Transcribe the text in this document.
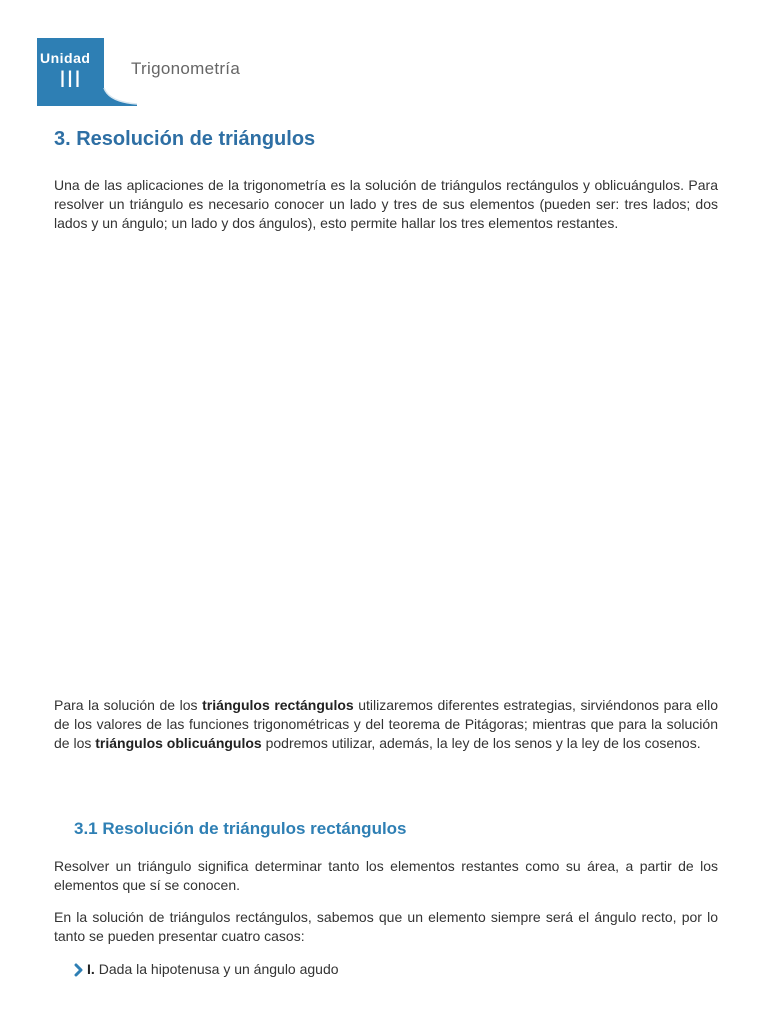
Unidad
III	Trigonometría
3. Resolución de triángulos

Una de las aplicaciones de la trigonometría es la solución de triángulos rectángulos y oblicuángulos. Para resolver un triángulo es necesario conocer un lado y tres de sus elementos (pueden ser: tres lados; dos lados y un ángulo; un lado y dos ángulos), esto permite hallar los tres elementos restantes.

Para la solución de los triángulos rectángulos utilizaremos diferentes estrategias, sirviéndonos para ello de los valores de las funciones trigonométricas y del teorema de Pitágoras; mientras que para la solución de los triángulos oblicuángulos podremos utilizar, además, la ley de los senos y la ley de los cosenos.

3.1 Resolución de triángulos rectángulos

Resolver un triángulo significa determinar tanto los elementos restantes como su área, a partir de los elementos que sí se conocen.

En la solución de triángulos rectángulos, sabemos que un elemento siempre será el ángulo recto, por lo tanto se pueden presentar cuatro casos:

I. Dada la hipotenusa y un ángulo agudo
